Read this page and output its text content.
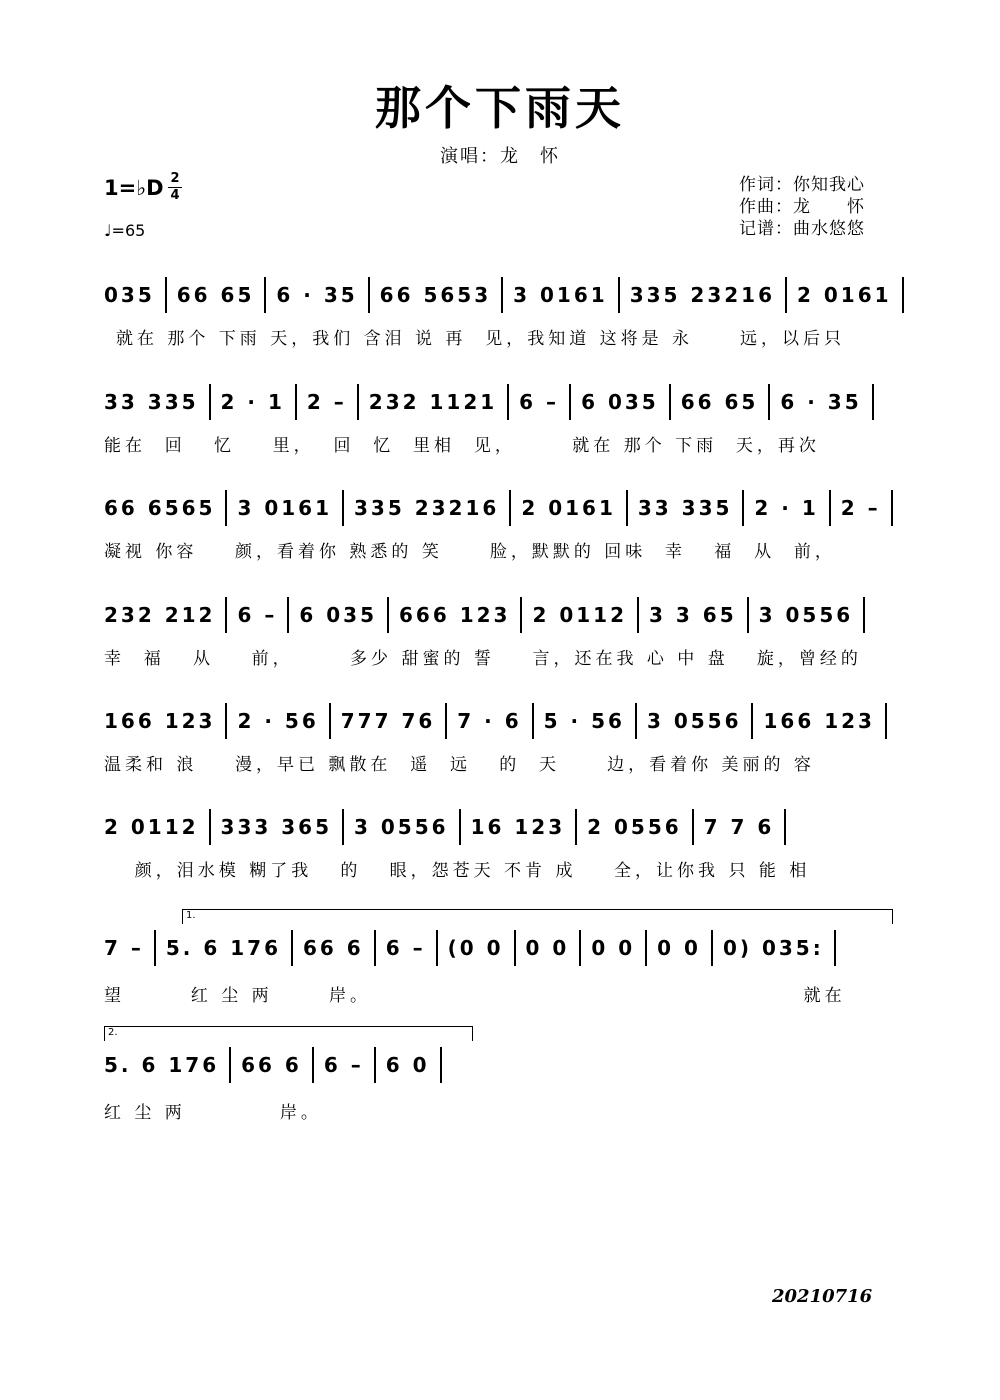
那个下雨天
演唱：龙　怀
1=♭D 2
4
♩=65
作词：你知我心
作曲：龙　　怀
记谱：曲水悠悠
035 66 65 6 · 35 66 5653 3 0161 335 23216 2 0161
就在 那个 下雨 天，我们 含泪 说 再  见，我知道 这将是 永     远，以后只
33 335 2 · 1 2 – 232 1121 6 – 6 035 66 65 6 · 35
能在  回   忆    里，  回  忆  里相  见，      就在 那个 下雨  天，再次
66 6565 3 0161 335 23216 2 0161 33 335 2 · 1 2 –
凝视 你容    颜，看着你 熟悉的 笑     脸，默默的 回味  幸   福  从  前，
232 212 6 – 6 035 666 123 2 0112 3 3 65 3 0556
幸  福   从    前，      多少 甜蜜的 誓    言，还在我 心 中 盘   旋，曾经的
166 123 2 · 56 777 76 7 · 6 5 · 56 3 0556 166 123
温柔和 浪    漫，早已 飘散在  遥  远   的  天     边，看着你 美丽的 容
2 0112 333 365 3 0556 16 123 2 0556 7 7 6
颜，泪水模 糊了我   的   眼，怨苍天 不肯 成    全，让你我 只 能 相
1.
7 – 5. 6 176 66 6 6 – (0 0 0 0 0 0 0 0 0) 035:
望       红 尘 两      岸。                                              就在
2.
5. 6 176 66 6 6 – 6 0
红 尘 两          岸。
20210716
